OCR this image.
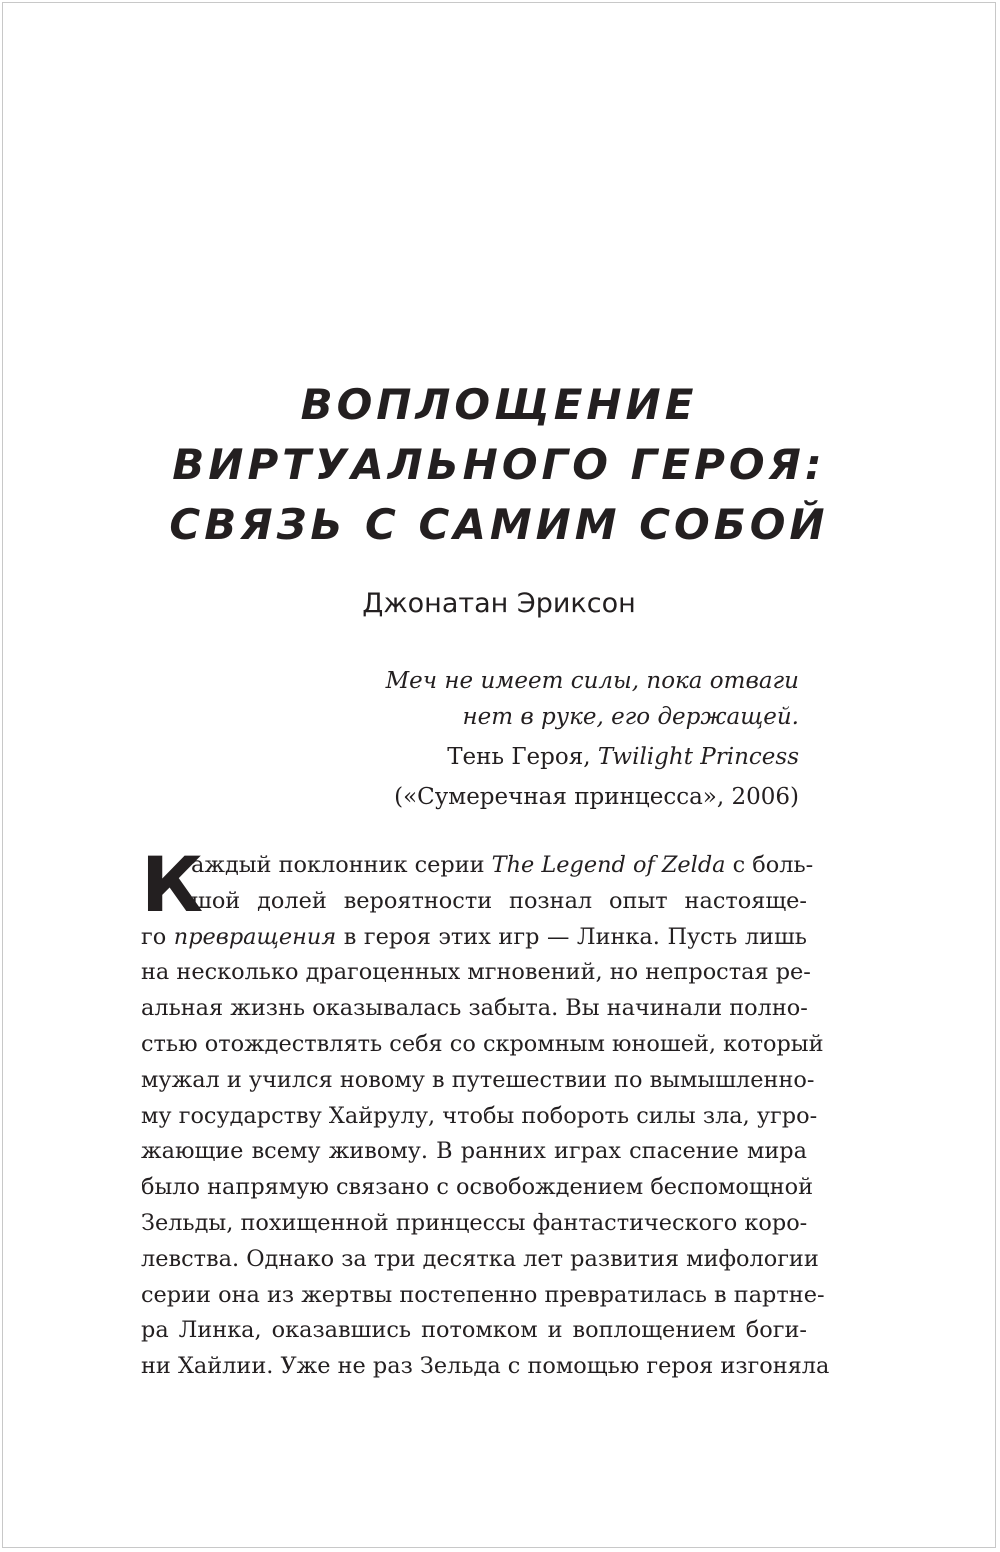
ВОПЛОЩЕНИЕ
ВИРТУАЛЬНОГО ГЕРОЯ:
СВЯЗЬ С САМИМ СОБОЙ
Джонатан Эриксон
Меч не имеет силы, пока отваги
нет в руке, его держащей.
Тень Героя, Twilight Princess
(«Сумеречная принцесса», 2006)
К
аждый поклонник серии The Legend of Zelda с боль-
шой долей вероятности познал опыт настояще-
го превращения в героя этих игр — Линка. Пусть лишь
на несколько драгоценных мгновений, но непростая ре-
альная жизнь оказывалась забыта. Вы начинали полно-
стью отождествлять себя со скромным юношей, который
мужал и учился новому в путешествии по вымышленно-
му государству Хайрулу, чтобы побороть силы зла, угро-
жающие всему живому. В ранних играх спасение мира
было напрямую связано с освобождением беспомощной
Зельды, похищенной принцессы фантастического коро-
левства. Однако за три десятка лет развития мифологии
серии она из жертвы постепенно превратилась в партне-
ра Линка, оказавшись потомком и воплощением боги-
ни Хайлии. Уже не раз Зельда с помощью героя изгоняла
